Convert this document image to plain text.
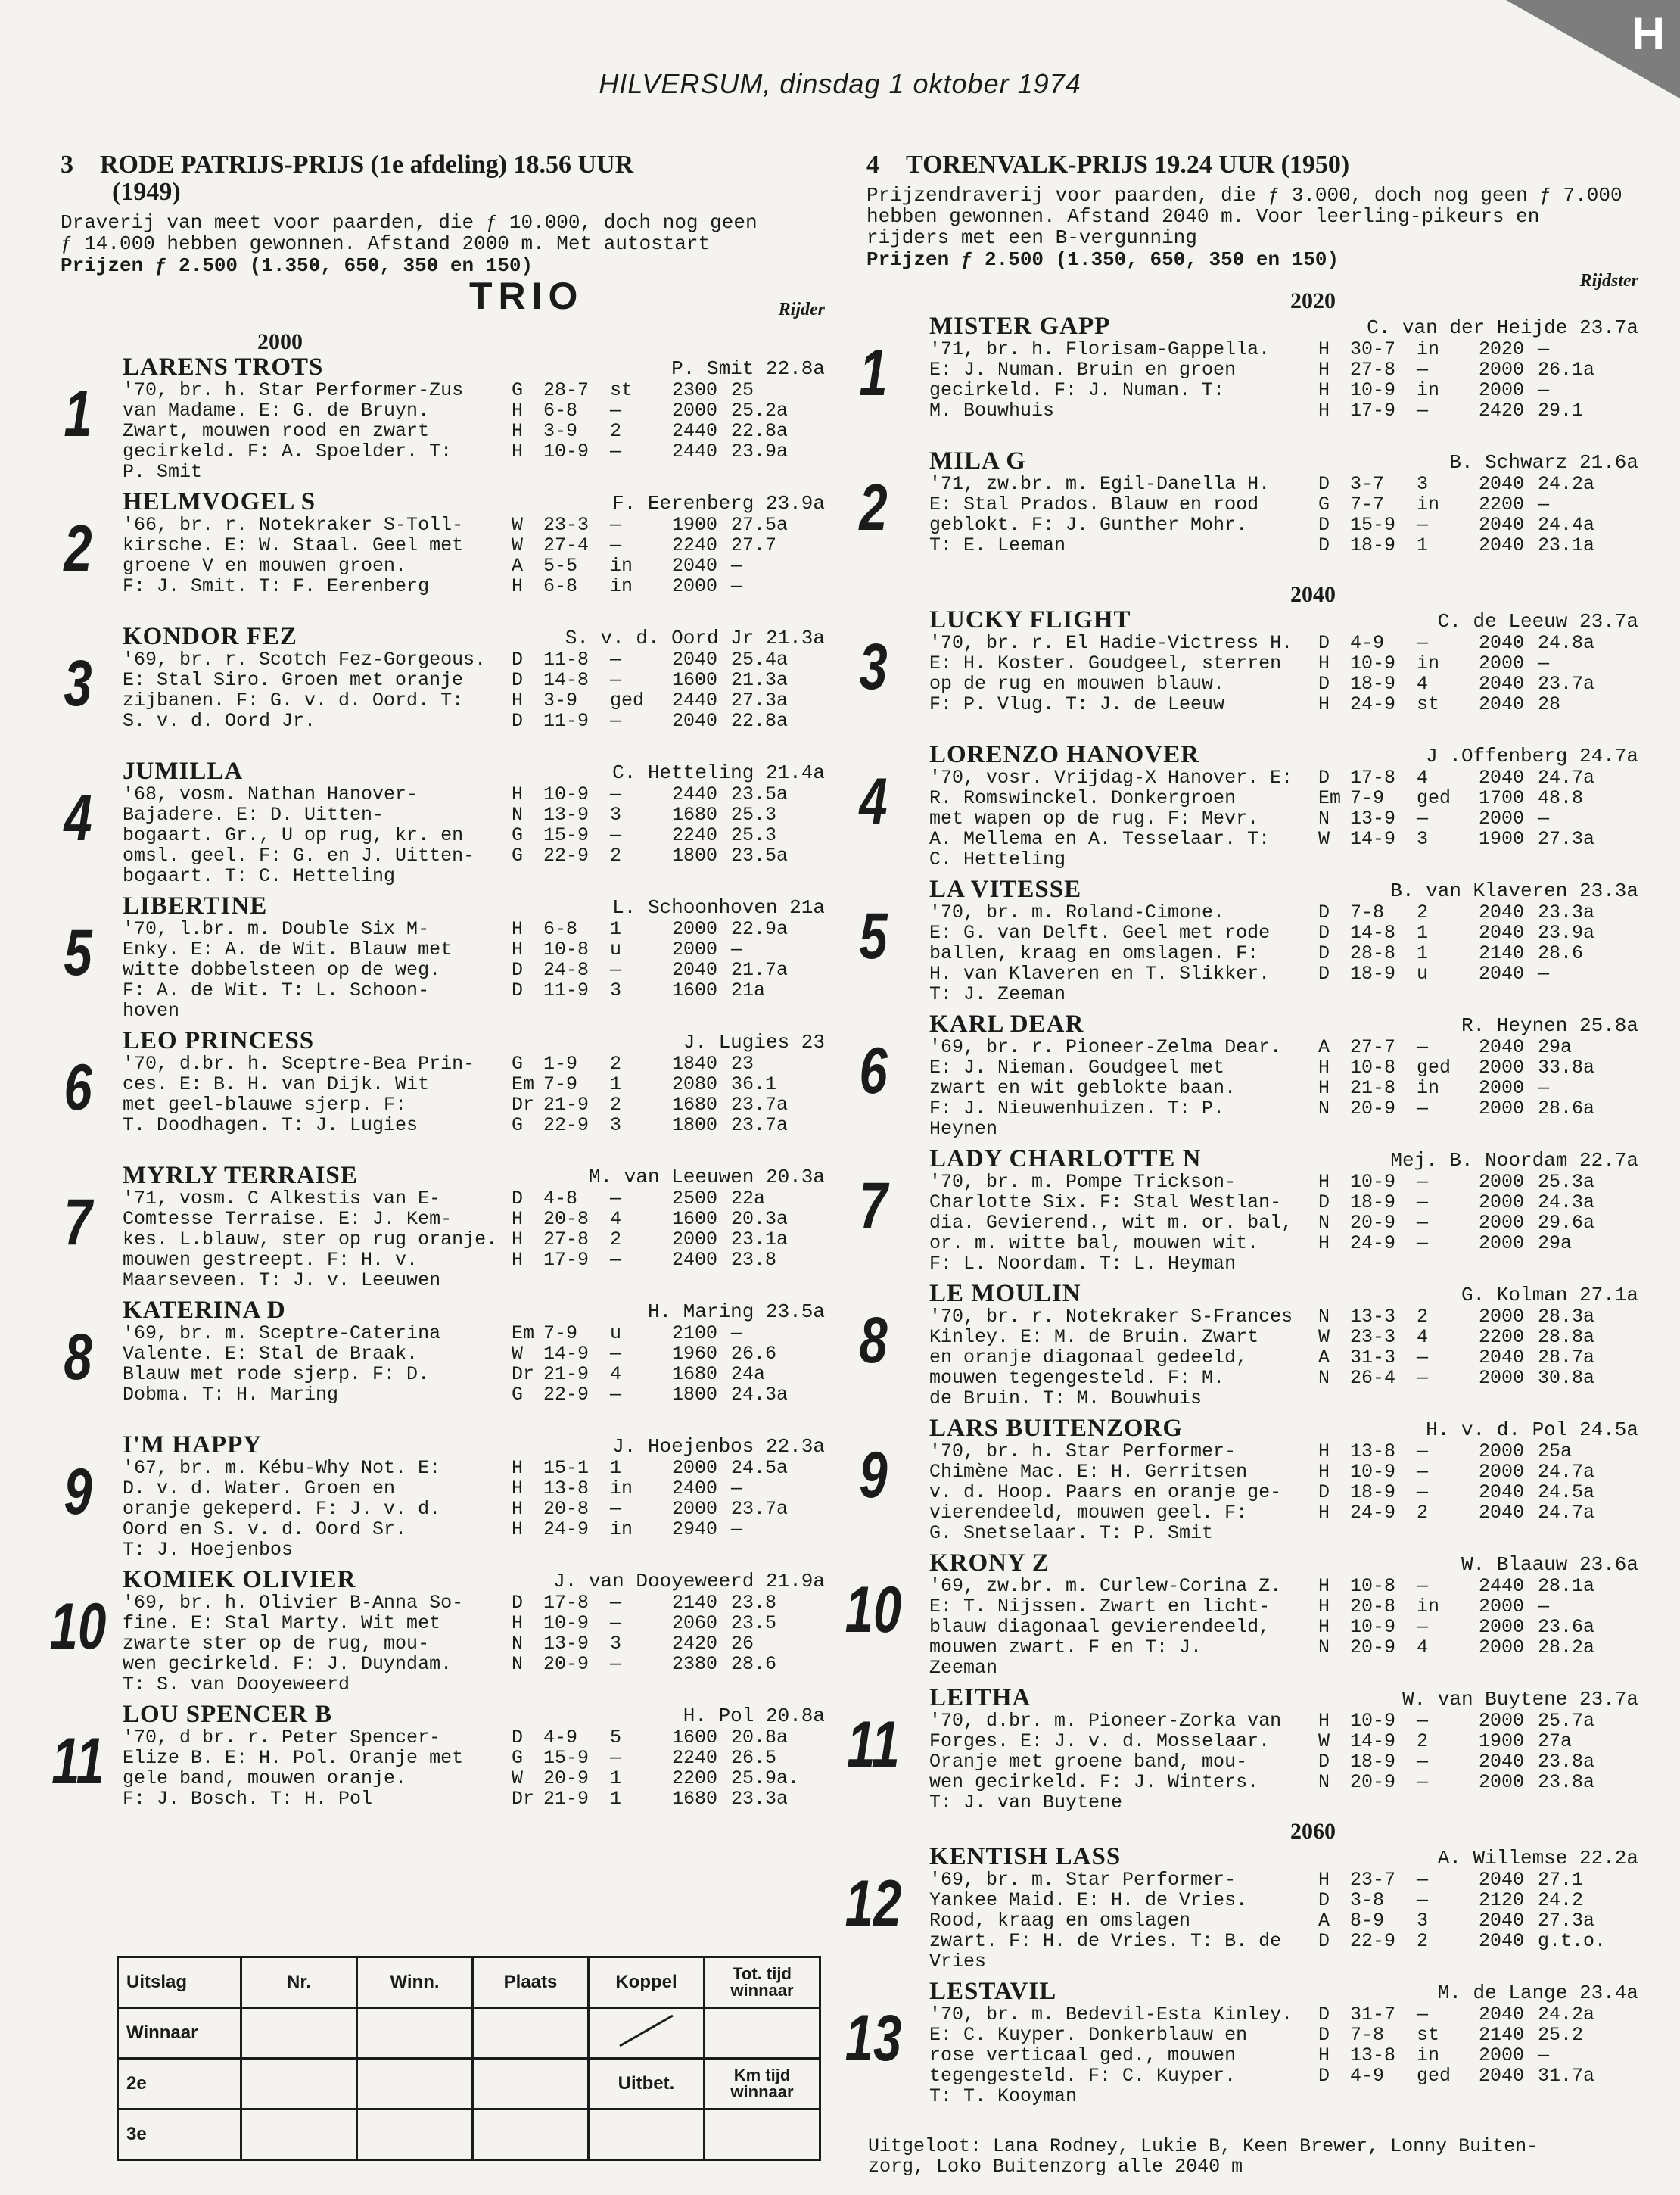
H
HILVERSUM, dinsdag 1 oktober 1974
3 RODE PATRIJS-PRIJS (1e afdeling) 18.56 UUR
(1949)
Draverij van meet voor paarden, die ƒ 10.000, doch nog geen
ƒ 14.000 hebben gewonnen. Afstand 2000 m. Met autostart
Prijzen ƒ 2.500 (1.350, 650, 350 en 150)
TRIO	Rijder
2000
1
LARENS TROTS	P. Smit 22.8a
'70, br. h. Star Performer-Zus
van Madame. E: G. de Bruyn.
Zwart, mouwen rood en zwart
gecirkeld. F: A. Spoelder. T:
P. Smit
G	28-7	st	2300 25
H	6-8	—	2000 25.2a
H	3-9	2	2440 22.8a
H	10-9	—	2440 23.9a
2
HELMVOGEL S	F. Eerenberg 23.9a
'66, br. r. Notekraker S-Toll-
kirsche. E: W. Staal. Geel met
groene V en mouwen groen.
F: J. Smit. T: F. Eerenberg
W	23-3	—	1900 27.5a
W	27-4	—	2240 27.7
A	5-5	in	2040 —
H	6-8	in	2000 —
3
KONDOR FEZ	S. v. d. Oord Jr 21.3a
'69, br. r. Scotch Fez-Gorgeous.
E: Stal Siro. Groen met oranje
zijbanen. F: G. v. d. Oord. T:
S. v. d. Oord Jr.
D	11-8	—	2040 25.4a
D	14-8	—	1600 21.3a
H	3-9	ged	2440 27.3a
D	11-9	—	2040 22.8a
4
JUMILLA	C. Hetteling 21.4a
'68, vosm. Nathan Hanover-
Bajadere. E: D. Uitten-
bogaart. Gr., U op rug, kr. en
omsl. geel. F: G. en J. Uitten-
bogaart. T: C. Hetteling
H	10-9	—	2440 23.5a
N	13-9	3	1680 25.3
G	15-9	—	2240 25.3
G	22-9	2	1800 23.5a
5
LIBERTINE	L. Schoonhoven 21a
'70, l.br. m. Double Six M-
Enky. E: A. de Wit. Blauw met
witte dobbelsteen op de weg.
F: A. de Wit. T: L. Schoon-
hoven
H	6-8	1	2000 22.9a
H	10-8	u	2000 —
D	24-8	—	2040 21.7a
D	11-9	3	1600 21a
6
LEO PRINCESS	J. Lugies 23
'70, d.br. h. Sceptre-Bea Prin-
ces. E: B. H. van Dijk. Wit
met geel-blauwe sjerp. F:
T. Doodhagen. T: J. Lugies
G	1-9	2	1840 23
Em 7-9	1	2080 36.1
Dr 21-9	2	1680 23.7a
G	22-9	3	1800 23.7a
7
MYRLY TERRAISE	M. van Leeuwen 20.3a
'71, vosm. C Alkestis van E-
Comtesse Terraise. E: J. Kem-
kes. L.blauw, ster op rug oranje.
mouwen gestreept. F: H. v.
Maarseveen. T: J. v. Leeuwen
D	4-8	—	2500 22a
H	20-8	4	1600 20.3a
H	27-8	2	2000 23.1a
H	17-9	—	2400 23.8
8
KATERINA D	H. Maring 23.5a
'69, br. m. Sceptre-Caterina
Valente. E: Stal de Braak.
Blauw met rode sjerp. F: D.
Dobma. T: H. Maring
Em 7-9	u	2100 —
W	14-9	—	1960 26.6
Dr 21-9	4	1680 24a
G	22-9	—	1800 24.3a
9
I'M HAPPY	J. Hoejenbos 22.3a
'67, br. m. Kébu-Why Not. E:
D. v. d. Water. Groen en
oranje gekeperd. F: J. v. d.
Oord en S. v. d. Oord Sr.
T: J. Hoejenbos
H	15-1	1	2000 24.5a
H	13-8	in	2400 —
H	20-8	—	2000 23.7a
H	24-9	in	2940 —
10
KOMIEK OLIVIER	J. van Dooyeweerd 21.9a
'69, br. h. Olivier B-Anna So-
fine. E: Stal Marty. Wit met
zwarte ster op de rug, mou-
wen gecirkeld. F: J. Duyndam.
T: S. van Dooyeweerd
D	17-8	—	2140 23.8
H	10-9	—	2060 23.5
N	13-9	3	2420 26
N	20-9	—	2380 28.6
11
LOU SPENCER B	H. Pol 20.8a
'70, d br. r. Peter Spencer-
Elize B. E: H. Pol. Oranje met
gele band, mouwen oranje.
F: J. Bosch. T: H. Pol
D	4-9	5	1600 20.8a
G	15-9	—	2240 26.5
W	20-9	1	2200 25.9a.
Dr 21-9	1	1680 23.3a
4 TORENVALK-PRIJS 19.24 UUR (1950)
Prijzendraverij voor paarden, die ƒ 3.000, doch nog geen ƒ 7.000
hebben gewonnen. Afstand 2040 m. Voor leerling-pikeurs en
rijders met een B-vergunning
Prijzen ƒ 2.500 (1.350, 650, 350 en 150)
Rijdster
2020
1
MISTER GAPP	C. van der Heijde 23.7a
'71, br. h. Florisam-Gappella.
E: J. Numan. Bruin en groen
gecirkeld. F: J. Numan. T:
M. Bouwhuis
H	30-7	in	2020 —
H	27-8	—	2000 26.1a
H	10-9	in	2000 —
H	17-9	—	2420 29.1
2
MILA G	B. Schwarz 21.6a
'71, zw.br. m. Egil-Danella H.
E: Stal Prados. Blauw en rood
geblokt. F: J. Gunther Mohr.
T: E. Leeman
D	3-7	3	2040 24.2a
G	7-7	in	2200 —
D	15-9	—	2040 24.4a
D	18-9	1	2040 23.1a
2040
3
LUCKY FLIGHT	C. de Leeuw 23.7a
'70, br. r. El Hadie-Victress H.
E: H. Koster. Goudgeel, sterren
op de rug en mouwen blauw.
F: P. Vlug. T: J. de Leeuw
D	4-9	—	2040 24.8a
H	10-9	in	2000 —
D	18-9	4	2040 23.7a
H	24-9	st	2040 28
4
LORENZO HANOVER	J .Offenberg 24.7a
'70, vosr. Vrijdag-X Hanover. E:
R. Romswinckel. Donkergroen
met wapen op de rug. F: Mevr.
A. Mellema en A. Tesselaar. T:
C. Hetteling
D	17-8	4	2040 24.7a
Em 7-9	ged	1700 48.8
N	13-9	—	2000 —
W	14-9	3	1900 27.3a
5
LA VITESSE	B. van Klaveren 23.3a
'70, br. m. Roland-Cimone.
E: G. van Delft. Geel met rode
ballen, kraag en omslagen. F:
H. van Klaveren en T. Slikker.
T: J. Zeeman
D	7-8	2	2040 23.3a
D	14-8	1	2040 23.9a
D	28-8	1	2140 28.6
D	18-9	u	2040 —
6
KARL DEAR	R. Heynen 25.8a
'69, br. r. Pioneer-Zelma Dear.
E: J. Nieman. Goudgeel met
zwart en wit geblokte baan.
F: J. Nieuwenhuizen. T: P.
Heynen
A	27-7	—	2040 29a
H	10-8	ged	2000 33.8a
H	21-8	in	2000 —
N	20-9	—	2000 28.6a
7
LADY CHARLOTTE N	Mej. B. Noordam 22.7a
'70, br. m. Pompe Trickson-
Charlotte Six. F: Stal Westlan-
dia. Gevierend., wit m. or. bal,
or. m. witte bal, mouwen wit.
F: L. Noordam. T: L. Heyman
H	10-9	—	2000 25.3a
D	18-9	—	2000 24.3a
N	20-9	—	2000 29.6a
H	24-9	—	2000 29a
8
LE MOULIN	G. Kolman 27.1a
'70, br. r. Notekraker S-Frances
Kinley. E: M. de Bruin. Zwart
en oranje diagonaal gedeeld,
mouwen tegengesteld. F: M.
de Bruin. T: M. Bouwhuis
N	13-3	2	2000 28.3a
W	23-3	4	2200 28.8a
A	31-3	—	2040 28.7a
N	26-4	—	2000 30.8a
9
LARS BUITENZORG	H. v. d. Pol 24.5a
'70, br. h. Star Performer-
Chimène Mac. E: H. Gerritsen
v. d. Hoop. Paars en oranje ge-
vierendeeld, mouwen geel. F:
G. Snetselaar. T: P. Smit
H	13-8	—	2000 25a
H	10-9	—	2000 24.7a
D	18-9	—	2040 24.5a
H	24-9	2	2040 24.7a
10
KRONY Z	W. Blaauw 23.6a
'69, zw.br. m. Curlew-Corina Z.
E: T. Nijssen. Zwart en licht-
blauw diagonaal gevierendeeld,
mouwen zwart. F en T: J.
Zeeman
H	10-8	—	2440 28.1a
H	20-8	in	2000 —
H	10-9	—	2000 23.6a
N	20-9	4	2000 28.2a
11
LEITHA	W. van Buytene 23.7a
'70, d.br. m. Pioneer-Zorka van
Forges. E: J. v. d. Mosselaar.
Oranje met groene band, mou-
wen gecirkeld. F: J. Winters.
T: J. van Buytene
H	10-9	—	2000 25.7a
W	14-9	2	1900 27a
D	18-9	—	2040 23.8a
N	20-9	—	2000 23.8a
2060
12
KENTISH LASS	A. Willemse 22.2a
'69, br. m. Star Performer-
Yankee Maid. E: H. de Vries.
Rood, kraag en omslagen
zwart. F: H. de Vries. T: B. de
Vries
H	23-7	—	2040 27.1
D	3-8	—	2120 24.2
A	8-9	3	2040 27.3a
D	22-9	2	2040 g.t.o.
13
LESTAVIL	M. de Lange 23.4a
'70, br. m. Bedevil-Esta Kinley.
E: C. Kuyper. Donkerblauw en
rose verticaal ged., mouwen
tegengesteld. F: C. Kuyper.
T: T. Kooyman
D	31-7	—	2040 24.2a
D	7-8	st	2140 25.2
H	13-8	in	2000 —
D	4-9	ged	2040 31.7a
Uitgeloot: Lana Rodney, Lukie B, Keen Brewer, Lonny Buiten-
zorg, Loko Buitenzorg alle 2040 m
Uitslag	Nr.	Winn.	Plaats	Koppel	Tot. tijd winnaar
Winnaar					
2e				Uitbet.	Km tijd winnaar
3e					
